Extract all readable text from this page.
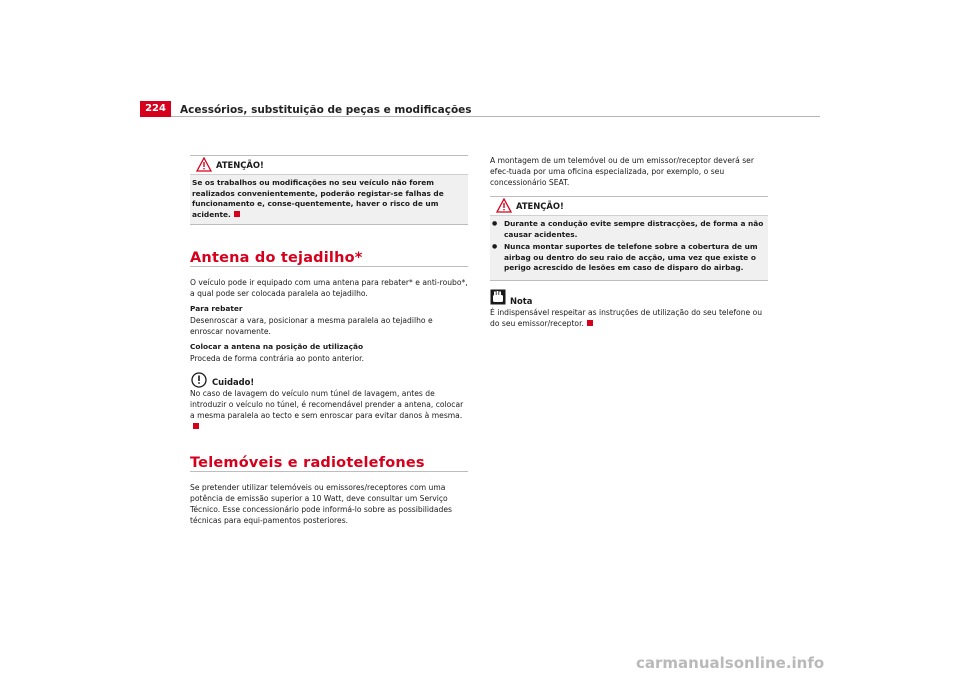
224	Acessórios, substituição de peças e modificações
ATENÇÃO!
Se os trabalhos ou modificações no seu veículo não forem realizados convenientemente, poderão registar-se falhas de funcionamento e, conse-quentemente, haver o risco de um acidente.
Antena do tejadilho*

O veículo pode ir equipado com uma antena para rebater* e anti-roubo*, a qual pode ser colocada paralela ao tejadilho.

Para rebater

Desenroscar a vara, posicionar a mesma paralela ao tejadilho e enroscar novamente.

Colocar a antena na posição de utilização

Proceda de forma contrária ao ponto anterior.

Cuidado!

No caso de lavagem do veículo num túnel de lavagem, antes de introduzir o veículo no túnel, é recomendável prender a antena, colocar a mesma paralela ao tecto e sem enroscar para evitar danos à mesma.

Telemóveis e radiotelefones

Se pretender utilizar telemóveis ou emissores/receptores com uma potência de emissão superior a 10 Watt, deve consultar um Serviço Técnico. Esse concessionário pode informá-lo sobre as possibilidades técnicas para equi-pamentos posteriores.

A montagem de um telemóvel ou de um emissor/receptor deverá ser efec-tuada por uma oficina especializada, por exemplo, o seu concessionário SEAT.

ATENÇÃO!
● Durante a condução evite sempre distracções, de forma a não causar acidentes.
● Nunca montar suportes de telefone sobre a cobertura de um airbag ou dentro do seu raio de acção, uma vez que existe o perigo acrescido de lesões em caso de disparo do airbag.
Nota

É indispensável respeitar as instruções de utilização do seu telefone ou do seu emissor/receptor.

carmanualsonline.info
